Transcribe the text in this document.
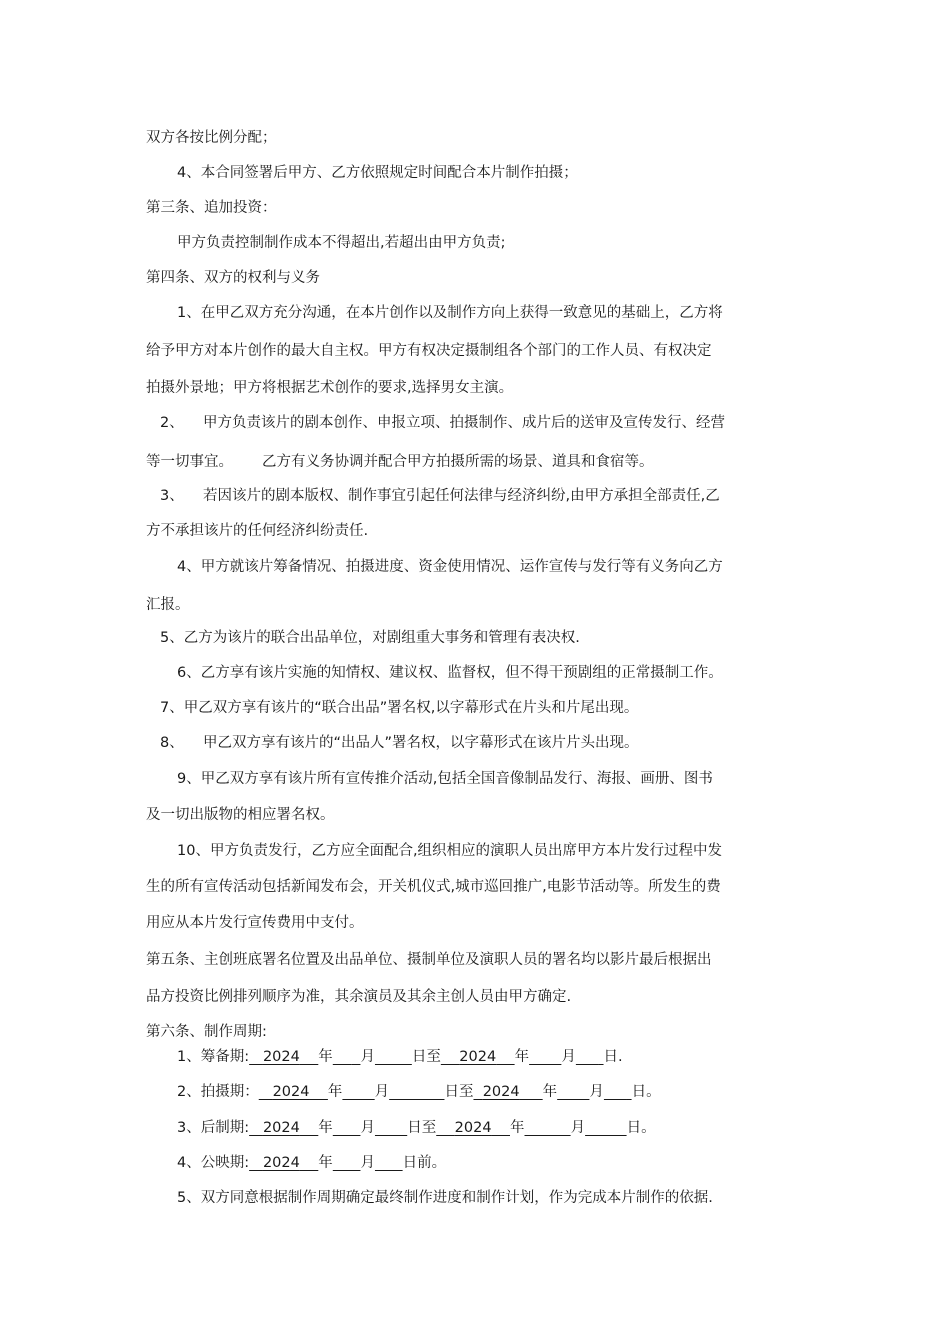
双方各按比例分配；
4、本合同签署后甲方、乙方依照规定时间配合本片制作拍摄；
第三条、追加投资：
甲方负责控制制作成本不得超出,若超出由甲方负责;
第四条、双方的权利与义务
1、在甲乙双方充分沟通，在本片创作以及制作方向上获得一致意见的基础上，乙方将
给予甲方对本片创作的最大自主权。甲方有权决定摄制组各个部门的工作人员、有权决定
拍摄外景地；甲方将根据艺术创作的要求,选择男女主演。
2、 甲方负责该片的剧本创作、申报立项、拍摄制作、成片后的送审及宣传发行、经营
等一切事宜。 乙方有义务协调并配合甲方拍摄所需的场景、道具和食宿等。
3、 若因该片的剧本版权、制作事宜引起任何法律与经济纠纷,由甲方承担全部责任,乙
方不承担该片的任何经济纠纷责任.
4、甲方就该片筹备情况、拍摄进度、资金使用情况、运作宣传与发行等有义务向乙方
汇报。
5、乙方为该片的联合出品单位，对剧组重大事务和管理有表决权.
6、乙方享有该片实施的知情权、建议权、监督权，但不得干预剧组的正常摄制工作。
7、甲乙双方享有该片的“联合出品”署名权,以字幕形式在片头和片尾出现。
8、 甲乙双方享有该片的“出品人”署名权，以字幕形式在该片片头出现。
9、甲乙双方享有该片所有宣传推介活动,包括全国音像制品发行、海报、画册、图书
及一切出版物的相应署名权。
10、甲方负责发行，乙方应全面配合,组织相应的演职人员出席甲方本片发行过程中发
生的所有宣传活动包括新闻发布会，开关机仪式,城市巡回推广,电影节活动等。所发生的费
用应从本片发行宣传费用中支付。
第五条、主创班底署名位置及出品单位、摄制单位及演职人员的署名均以影片最后根据出
品方投资比例排列顺序为准，其余演员及其余主创人员由甲方确定.
第六条、制作周期:
1、筹备期: 2024 年 月	日至 2024 年 月 日.
2、拍摄期： 2024 年 月	日至 2024 年 月 日。
3、后制期: 2024 年 月 日至 2024 年	月	日。
4、公映期: 2024 年 月 日前。
5、双方同意根据制作周期确定最终制作进度和制作计划，作为完成本片制作的依据.
